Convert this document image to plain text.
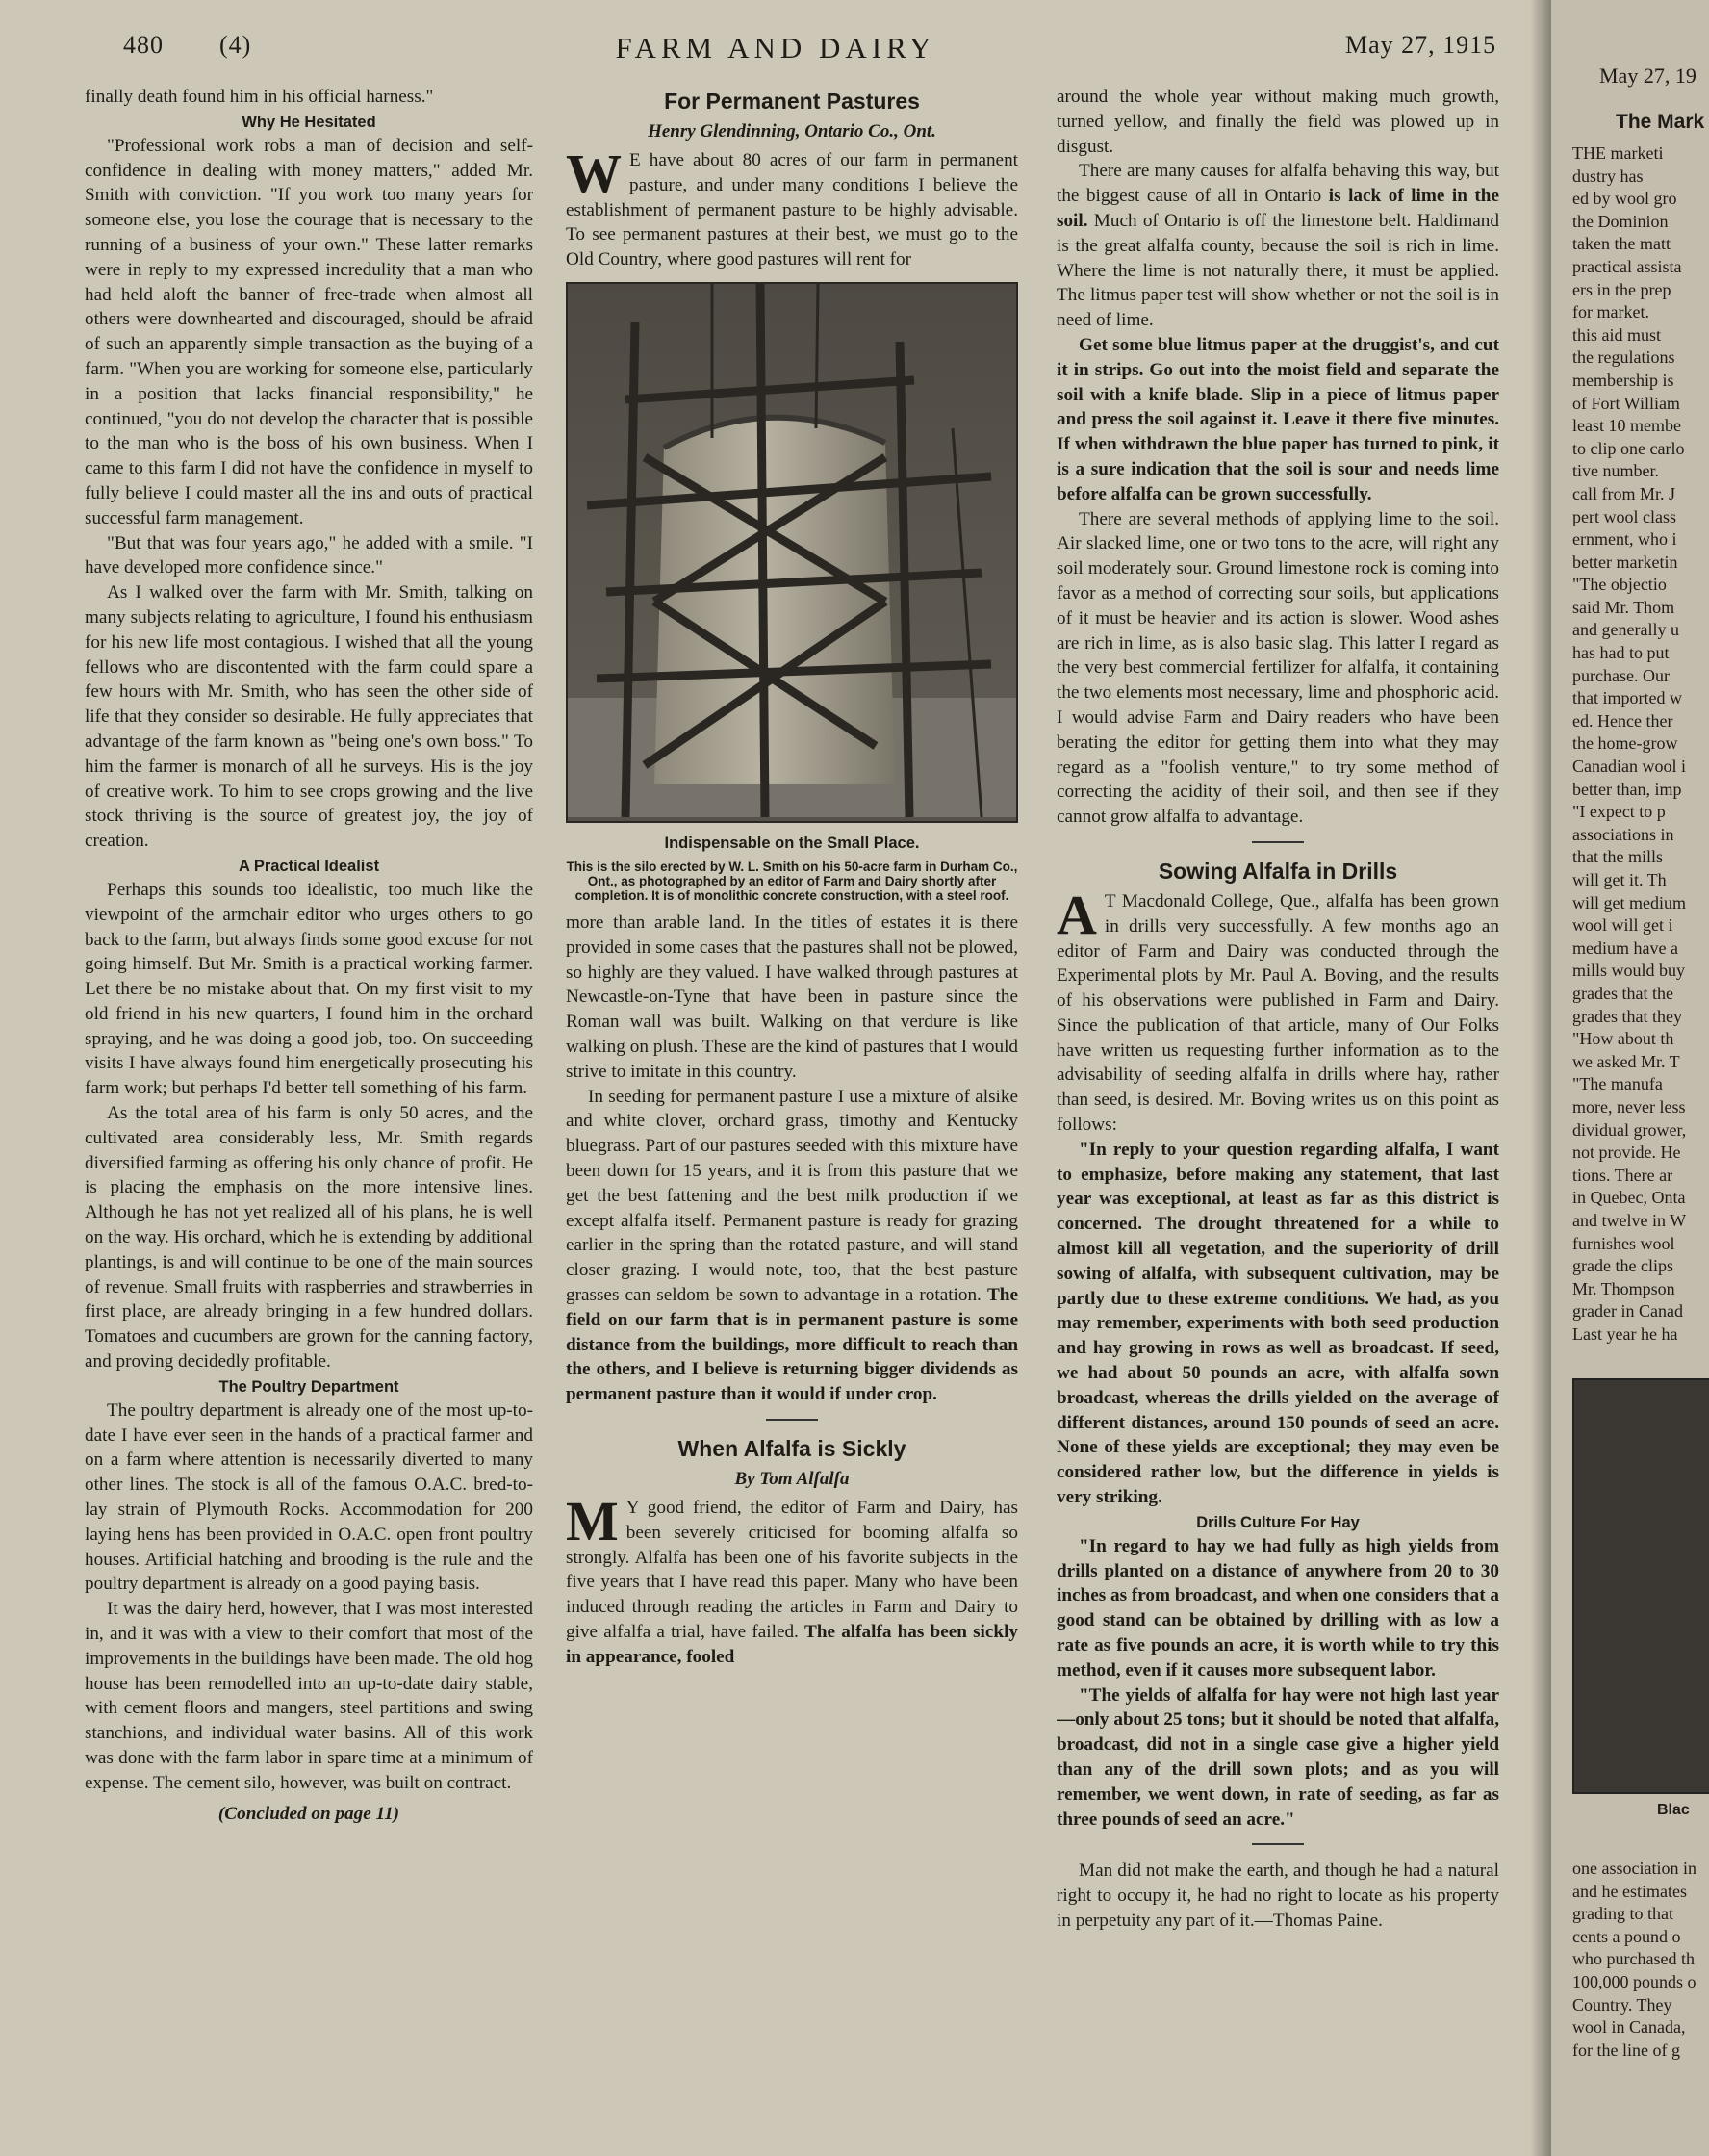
480 (4)	FARM AND DAIRY	May 27, 1915

finally death found him in his official harness."

Why He Hesitated

"Professional work robs a man of decision and self-confidence in dealing with money matters," added Mr. Smith with conviction. "If you work too many years for someone else, you lose the courage that is necessary to the running of a business of your own." These latter remarks were in reply to my expressed incredulity that a man who had held aloft the banner of free-trade when almost all others were downhearted and discouraged, should be afraid of such an apparently simple transaction as the buying of a farm. "When you are working for someone else, particularly in a position that lacks financial responsibility," he continued, "you do not develop the character that is possible to the man who is the boss of his own business. When I came to this farm I did not have the confidence in myself to fully believe I could master all the ins and outs of practical successful farm management.

"But that was four years ago," he added with a smile. "I have developed more confidence since."

As I walked over the farm with Mr. Smith, talking on many subjects relating to agriculture, I found his enthusiasm for his new life most contagious. I wished that all the young fellows who are discontented with the farm could spare a few hours with Mr. Smith, who has seen the other side of life that they consider so desirable. He fully appreciates that advantage of the farm known as "being one's own boss." To him the farmer is monarch of all he surveys. His is the joy of creative work. To him to see crops growing and the live stock thriving is the source of greatest joy, the joy of creation.

A Practical Idealist

Perhaps this sounds too idealistic, too much like the viewpoint of the armchair editor who urges others to go back to the farm, but always finds some good excuse for not going himself. But Mr. Smith is a practical working farmer. Let there be no mistake about that. On my first visit to my old friend in his new quarters, I found him in the orchard spraying, and he was doing a good job, too. On succeeding visits I have always found him energetically prosecuting his farm work; but perhaps I'd better tell something of his farm.

As the total area of his farm is only 50 acres, and the cultivated area considerably less, Mr. Smith regards diversified farming as offering his only chance of profit. He is placing the emphasis on the more intensive lines. Although he has not yet realized all of his plans, he is well on the way. His orchard, which he is extending by additional plantings, is and will continue to be one of the main sources of revenue. Small fruits with raspberries and strawberries in first place, are already bringing in a few hundred dollars. Tomatoes and cucumbers are grown for the canning factory, and proving decidedly profitable.

The Poultry Department

The poultry department is already one of the most up-to-date I have ever seen in the hands of a practical farmer and on a farm where attention is necessarily diverted to many other lines. The stock is all of the famous O.A.C. bred-to-lay strain of Plymouth Rocks. Accommodation for 200 laying hens has been provided in O.A.C. open front poultry houses. Artificial hatching and brooding is the rule and the poultry department is already on a good paying basis.

It was the dairy herd, however, that I was most interested in, and it was with a view to their comfort that most of the improvements in the buildings have been made. The old hog house has been remodelled into an up-to-date dairy stable, with cement floors and mangers, steel partitions and swing stanchions, and individual water basins. All of this work was done with the farm labor in spare time at a minimum of expense. The cement silo, however, was built on contract.

(Concluded on page 11)
For Permanent Pastures
Henry Glendinning, Ontario Co., Ont.

W E have about 80 acres of our farm in permanent pasture, and under many conditions I believe the establishment of permanent pasture to be highly advisable. To see permanent pastures at their best, we must go to the Old Country, where good pastures will rent for

Indispensable on the Small Place.
This is the silo erected by W. L. Smith on his 50-acre farm in Durham Co., Ont., as photographed by an editor of Farm and Dairy shortly after completion. It is of monolithic concrete construction, with a steel roof.

more than arable land. In the titles of estates it is there provided in some cases that the pastures shall not be plowed, so highly are they valued. I have walked through pastures at Newcastle-on-Tyne that have been in pasture since the Roman wall was built. Walking on that verdure is like walking on plush. These are the kind of pastures that I would strive to imitate in this country.

In seeding for permanent pasture I use a mixture of alsike and white clover, orchard grass, timothy and Kentucky bluegrass. Part of our pastures seeded with this mixture have been down for 15 years, and it is from this pasture that we get the best fattening and the best milk production if we except alfalfa itself. Permanent pasture is ready for grazing earlier in the spring than the rotated pasture, and will stand closer grazing. I would note, too, that the best pasture grasses can seldom be sown to advantage in a rotation. The field on our farm that is in permanent pasture is some distance from the buildings, more difficult to reach than the others, and I believe is returning bigger dividends as permanent pasture than it would if under crop.

When Alfalfa is Sickly
By Tom Alfalfa

M Y good friend, the editor of Farm and Dairy, has been severely criticised for booming alfalfa so strongly. Alfalfa has been one of his favorite subjects in the five years that I have read this paper. Many who have been induced through reading the articles in Farm and Dairy to give alfalfa a trial, have failed. The alfalfa has been sickly in appearance, fooled

around the whole year without making much growth, turned yellow, and finally the field was plowed up in disgust.

There are many causes for alfalfa behaving this way, but the biggest cause of all in Ontario is lack of lime in the soil. Much of Ontario is off the limestone belt. Haldimand is the great alfalfa county, because the soil is rich in lime. Where the lime is not naturally there, it must be applied. The litmus paper test will show whether or not the soil is in need of lime.

Get some blue litmus paper at the druggist's, and cut it in strips. Go out into the moist field and separate the soil with a knife blade. Slip in a piece of litmus paper and press the soil against it. Leave it there five minutes. If when withdrawn the blue paper has turned to pink, it is a sure indication that the soil is sour and needs lime before alfalfa can be grown successfully.

There are several methods of applying lime to the soil. Air slacked lime, one or two tons to the acre, will right any soil moderately sour. Ground limestone rock is coming into favor as a method of correcting sour soils, but applications of it must be heavier and its action is slower. Wood ashes are rich in lime, as is also basic slag. This latter I regard as the very best commercial fertilizer for alfalfa, it containing the two elements most necessary, lime and phosphoric acid. I would advise Farm and Dairy readers who have been berating the editor for getting them into what they may regard as a "foolish venture," to try some method of correcting the acidity of their soil, and then see if they cannot grow alfalfa to advantage.

Sowing Alfalfa in Drills

A T Macdonald College, Que., alfalfa has been grown in drills very successfully. A few months ago an editor of Farm and Dairy was conducted through the Experimental plots by Mr. Paul A. Boving, and the results of his observations were published in Farm and Dairy. Since the publication of that article, many of Our Folks have written us requesting further information as to the advisability of seeding alfalfa in drills where hay, rather than seed, is desired. Mr. Boving writes us on this point as follows:

"In reply to your question regarding alfalfa, I want to emphasize, before making any statement, that last year was exceptional, at least as far as this district is concerned. The drought threatened for a while to almost kill all vegetation, and the superiority of drill sowing of alfalfa, with subsequent cultivation, may be partly due to these extreme conditions. We had, as you may remember, experiments with both seed production and hay growing in rows as well as broadcast. If seed, we had about 50 pounds an acre, with alfalfa sown broadcast, whereas the drills yielded on the average of different distances, around 150 pounds of seed an acre. None of these yields are exceptional; they may even be considered rather low, but the difference in yields is very striking.

Drills Culture For Hay

"In regard to hay we had fully as high yields from drills planted on a distance of anywhere from 20 to 30 inches as from broadcast, and when one considers that a good stand can be obtained by drilling with as low a rate as five pounds an acre, it is worth while to try this method, even if it causes more subsequent labor.

"The yields of alfalfa for hay were not high last year—only about 25 tons; but it should be noted that alfalfa, broadcast, did not in a single case give a higher yield than any of the drill sown plots; and as you will remember, we went down, in rate of seeding, as far as three pounds of seed an acre."

Man did not make the earth, and though he had a natural right to occupy it, he had no right to locate as his property in perpetuity any part of it.—Thomas Paine.

May 27, 19

The Mark

THE marketi

dustry has

ed by wool gro

the Dominion

taken the matt

practical assista

ers in the prep

for market.

this aid must

the regulations

membership is

of Fort William

least 10 membe

to clip one carlo

tive number.

call from Mr. J

pert wool class

ernment, who i

better marketin

"The objectio

said Mr. Thom

and generally u

has had to put

purchase. Our

that imported w

ed. Hence ther

the home-grow

Canadian wool i

better than, imp

"I expect to p

associations in

that the mills

will get it. Th

will get medium

wool will get i

medium have a

mills would buy

grades that the

grades that they

"How about th

we asked Mr. T

"The manufa

more, never less

dividual grower,

not provide. He

tions. There ar

in Quebec, Onta

and twelve in W

furnishes wool

grade the clips

Mr. Thompson

grader in Canad

Last year he ha

Blac

one association in

and he estimates

grading to that

cents a pound o

who purchased th

100,000 pounds o

Country. They

wool in Canada,

for the line of g
